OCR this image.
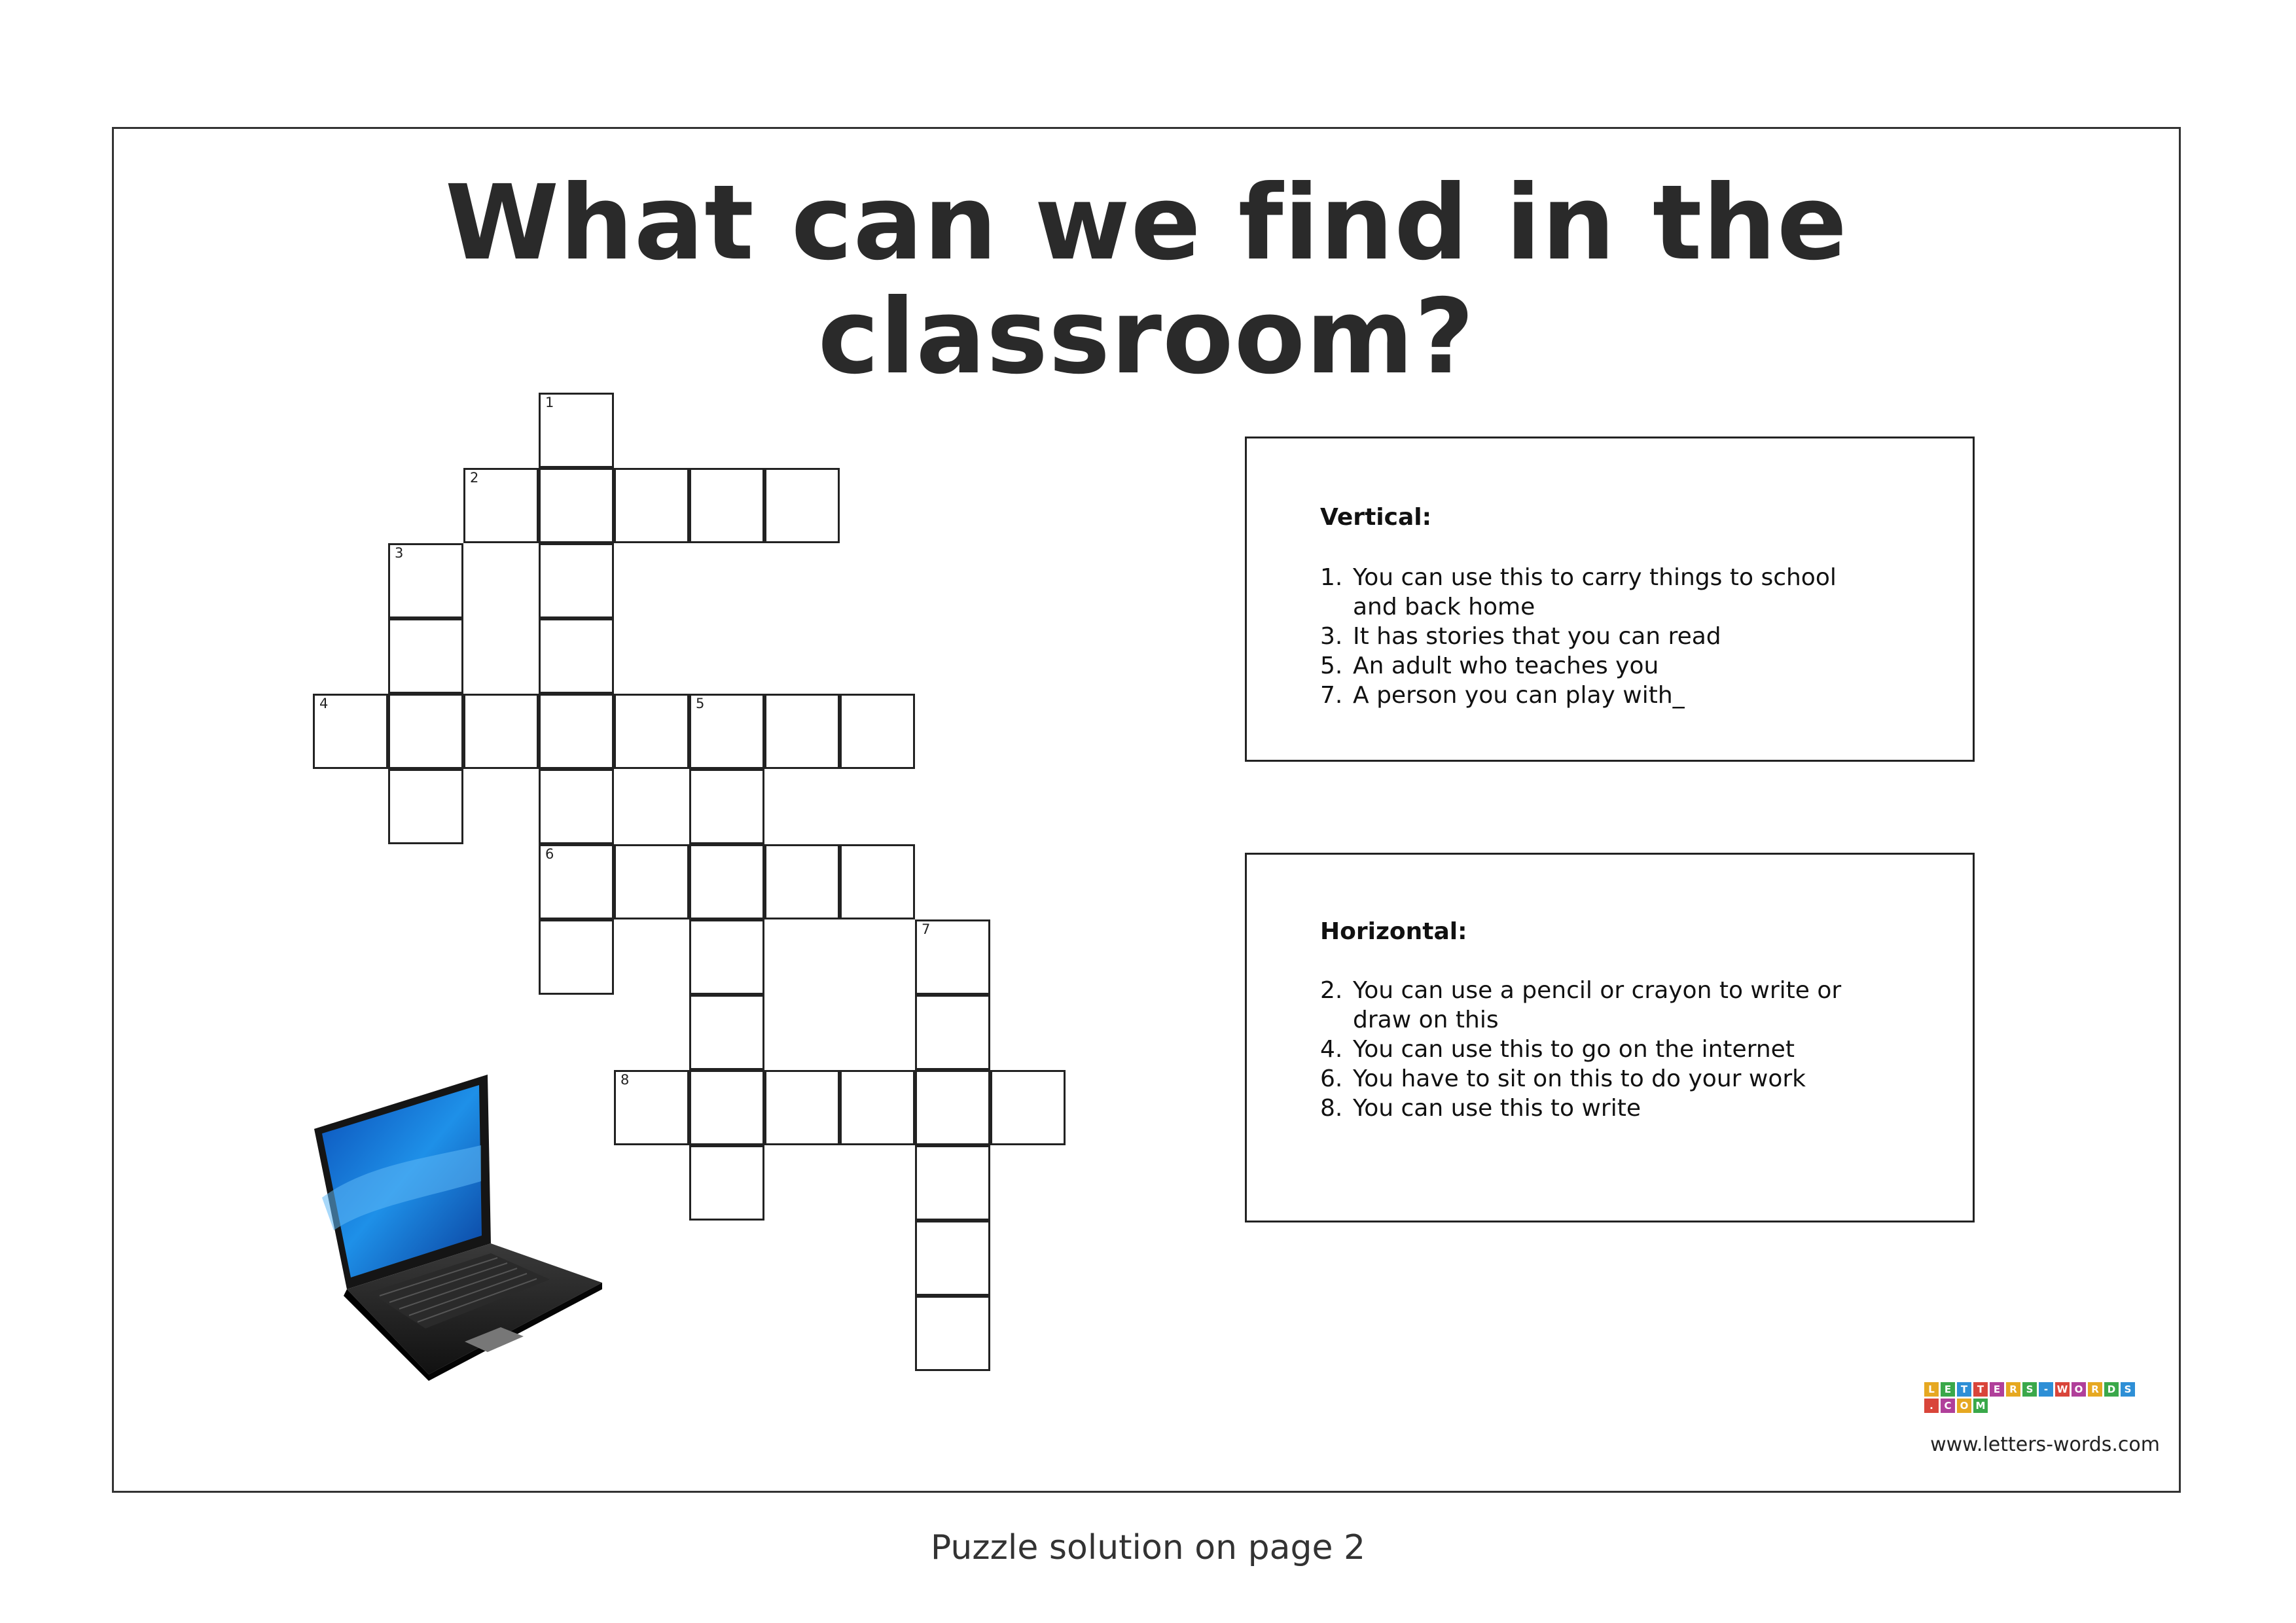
What can we find in the classroom?
1
2
3
4	5
6
7
8
Vertical:
1. You can use this to carry things to school
and back home
3. It has stories that you can read
5. An adult who teaches you
7. A person you can play with_
Horizontal:
2.You can use a pencil or crayon to write or
draw on this
4. You can use this to go on the internet
6. You have to sit on this to do your work
8. You can use this to write
L	E T T E R S	- W O R D S
.	C O M
www.letters-words.com
Puzzle solution on page 2
